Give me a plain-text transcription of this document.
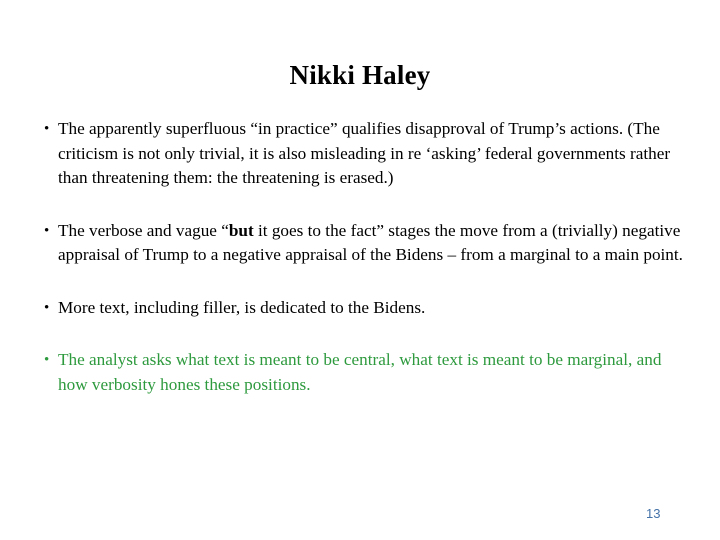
Nikki Haley
• The apparently superfluous “in practice” qualifies disapproval of Trump’s actions. (The criticism is not only trivial, it is also misleading in re ‘asking’ federal governments rather than threatening them: the threatening is erased.)
• The verbose and vague “but it goes to the fact” stages the move from a (trivially) negative appraisal of Trump to a negative appraisal of the Bidens – from a marginal to a main point.
• More text, including filler, is dedicated to the Bidens.
• The analyst asks what text is meant to be central, what text is meant to be marginal, and how verbosity hones these positions.
13
